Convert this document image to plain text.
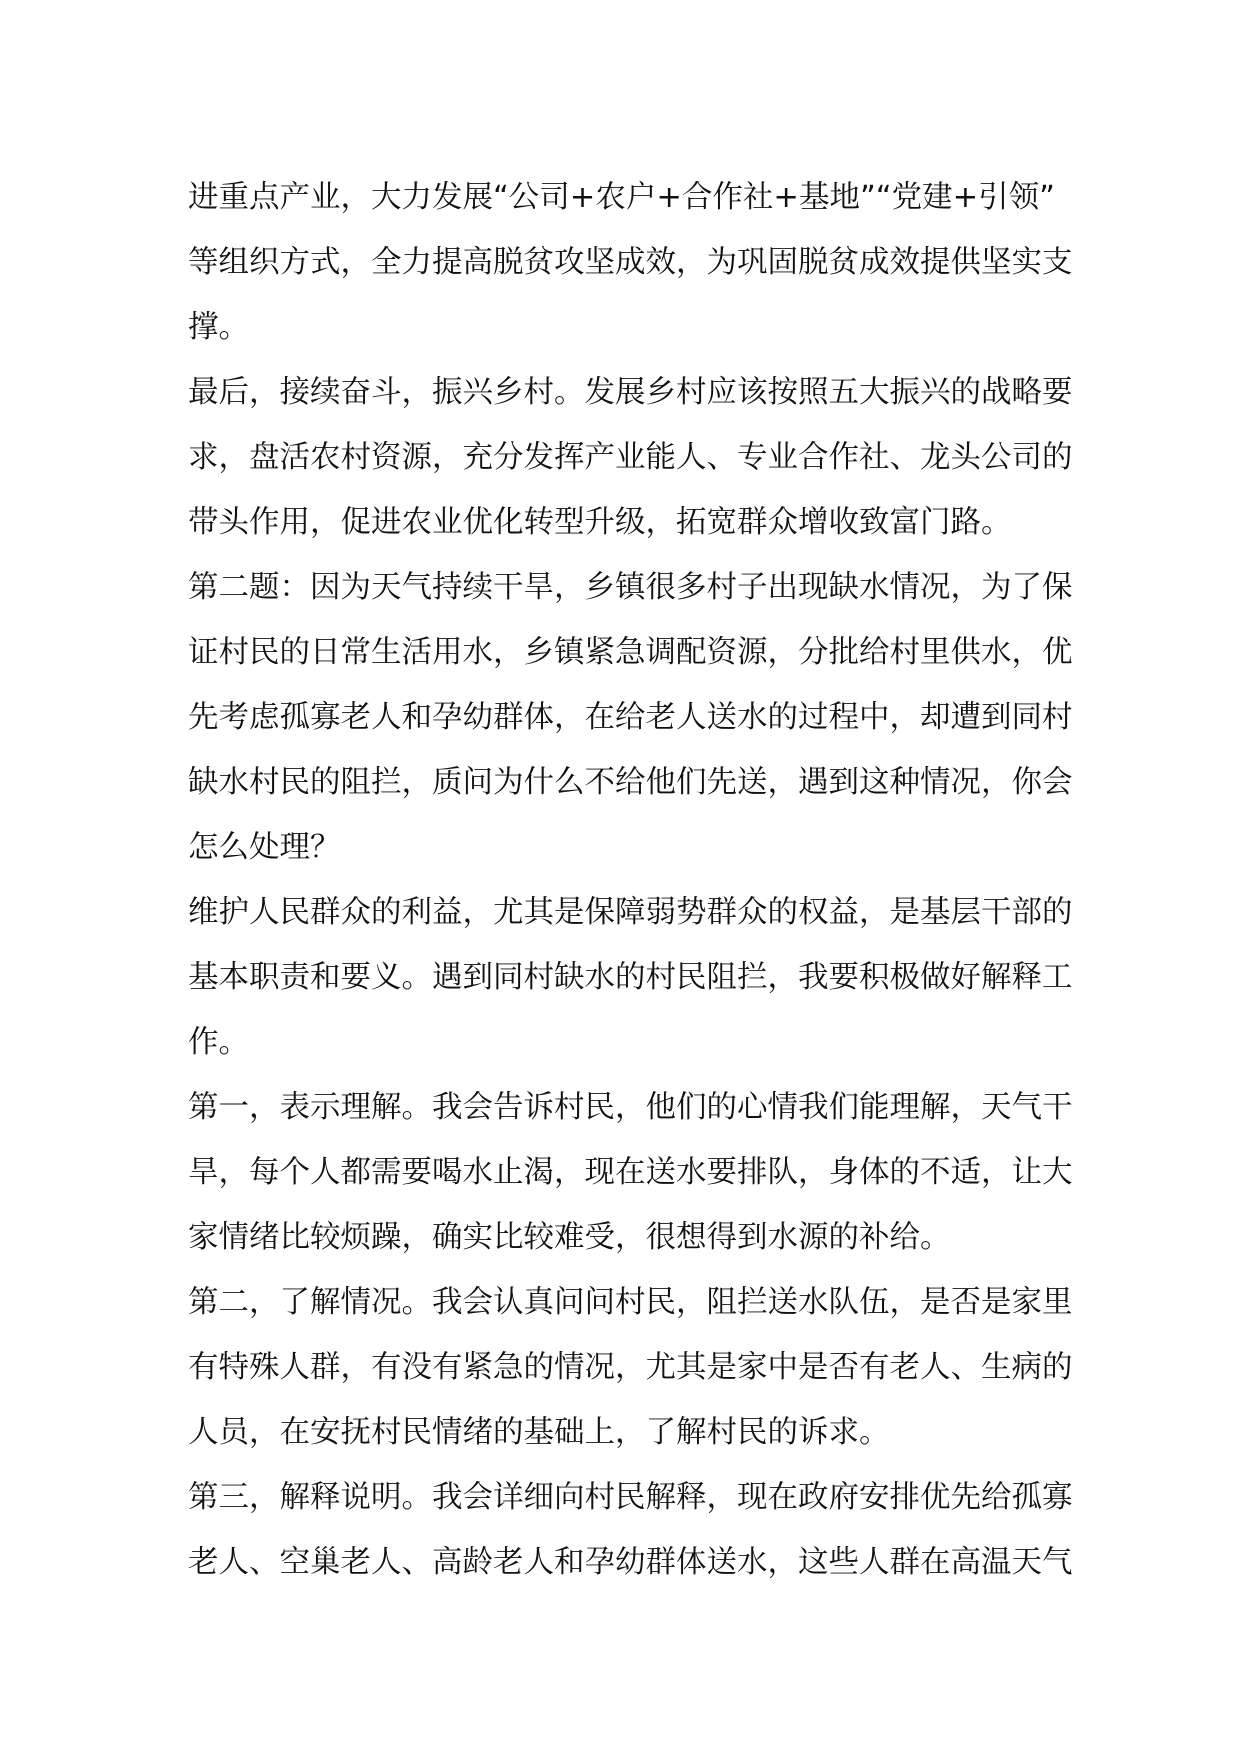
进重点产业，大力发展“公司+农户+合作社+基地”“党建+引领”
等组织方式，全力提高脱贫攻坚成效，为巩固脱贫成效提供坚实支
撑。

最后，接续奋斗，振兴乡村。发展乡村应该按照五大振兴的战略要
求，盘活农村资源，充分发挥产业能人、专业合作社、龙头公司的
带头作用，促进农业优化转型升级，拓宽群众增收致富门路。

第二题：因为天气持续干旱，乡镇很多村子出现缺水情况，为了保
证村民的日常生活用水，乡镇紧急调配资源，分批给村里供水，优
先考虑孤寡老人和孕幼群体，在给老人送水的过程中，却遭到同村
缺水村民的阻拦，质问为什么不给他们先送，遇到这种情况，你会
怎么处理？

维护人民群众的利益，尤其是保障弱势群众的权益，是基层干部的
基本职责和要义。遇到同村缺水的村民阻拦，我要积极做好解释工
作。

第一，表示理解。我会告诉村民，他们的心情我们能理解，天气干
旱，每个人都需要喝水止渴，现在送水要排队，身体的不适，让大
家情绪比较烦躁，确实比较难受，很想得到水源的补给。

第二，了解情况。我会认真问问村民，阻拦送水队伍，是否是家里
有特殊人群，有没有紧急的情况，尤其是家中是否有老人、生病的
人员，在安抚村民情绪的基础上，了解村民的诉求。

第三，解释说明。我会详细向村民解释，现在政府安排优先给孤寡
老人、空巢老人、高龄老人和孕幼群体送水，这些人群在高温天气
